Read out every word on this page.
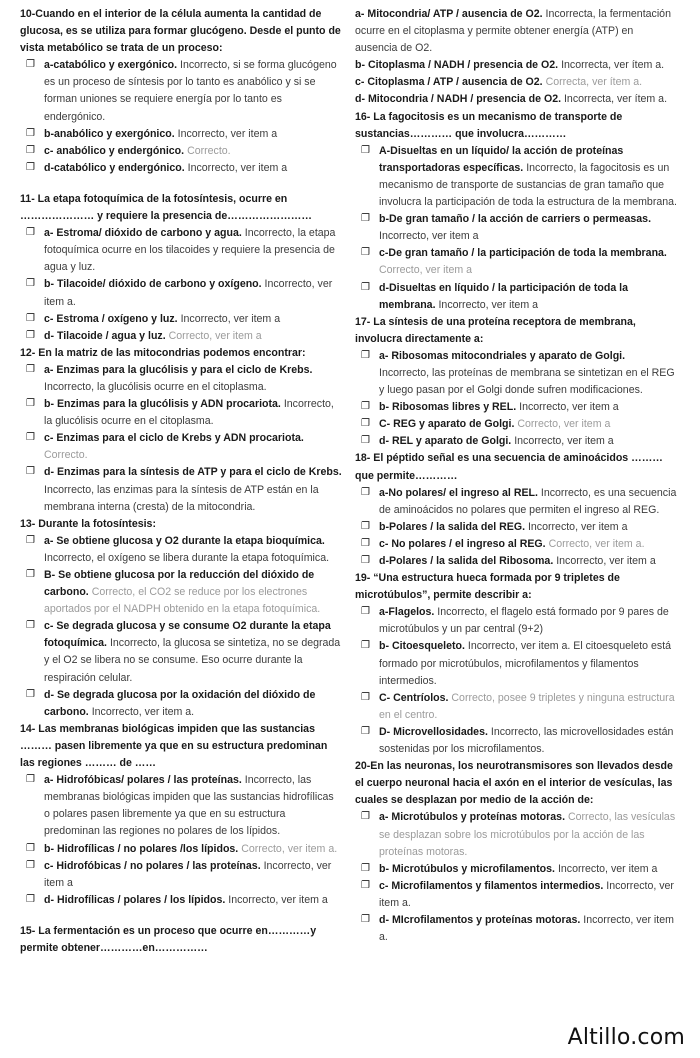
10-Cuando en el interior de la célula aumenta la cantidad de glucosa, es se utiliza para formar glucógeno. Desde el punto de vista metabólico se trata de un proceso:

❐ a-catabólico y exergónico. Incorrecto, si se forma glucógeno es un proceso de síntesis por lo tanto es anabólico y si se forman uniones se requiere energía por lo tanto es endergónico.
❐ b-anabólico y exergónico. Incorrecto, ver item a
❐ c- anabólico y endergónico. Correcto.
❐ d-catabólico y endergónico. Incorrecto, ver item a

11- La etapa fotoquímica de la fotosíntesis, ocurre en ………………… y requiere la presencia de……………………

❐ a- Estroma/ dióxido de carbono y agua. Incorrecto, la etapa fotoquímica ocurre en los tilacoides y requiere la presencia de agua y luz.
❐ b- Tilacoide/ dióxido de carbono y oxígeno. Incorrecto, ver item a.
❐ c- Estroma / oxígeno y luz. Incorrecto, ver item a
❐ d- Tilacoide / agua y luz. Correcto, ver item a

12- En la matriz de las mitocondrias podemos encontrar:

❐ a- Enzimas para la glucólisis y para el ciclo de Krebs. Incorrecto, la glucólisis ocurre en el citoplasma.
❐ b- Enzimas para la glucólisis y ADN procariota. Incorrecto, la glucólisis ocurre en el citoplasma.
❐ c- Enzimas para el ciclo de Krebs y ADN procariota. Correcto.
❐ d- Enzimas para la síntesis de ATP y para el ciclo de Krebs. Incorrecto, las enzimas para la síntesis de ATP están en la membrana interna (cresta) de la mitocondria.

13- Durante la fotosíntesis:

❐ a- Se obtiene glucosa y O2 durante la etapa bioquímica. Incorrecto, el oxígeno se libera durante la etapa fotoquímica.
❐ B- Se obtiene glucosa por la reducción del dióxido de carbono. Correcto, el CO2 se reduce por los electrones aportados por el NADPH obtenido en la etapa fotoquímica.
❐ c- Se degrada glucosa y se consume O2 durante la etapa fotoquímica. Incorrecto, la glucosa se sintetiza, no se degrada y el O2 se libera no se consume. Eso ocurre durante la respiración celular.
❐ d- Se degrada glucosa por la oxidación del dióxido de carbono. Incorrecto, ver item a.

14- Las membranas biológicas impiden que las sustancias ……… pasen libremente ya que en su estructura predominan las regiones ……… de ……

❐ a- Hidrofóbicas/ polares / las proteínas. Incorrecto, las membranas biológicas impiden que las sustancias hidrofílicas o polares pasen libremente ya que en su estructura predominan las regiones no polares de los lípidos.
❐ b- Hidrofílicas / no polares /los lípidos. Correcto, ver item a.
❐ c- Hidrofóbicas / no polares / las proteínas. Incorrecto, ver item a
❐ d- Hidrofílicas / polares / los lípidos. Incorrecto, ver item a

15- La fermentación es un proceso que ocurre en…………y permite obtener…………en……………

a- Mitocondria/ ATP / ausencia de O2. Incorrecta, la fermentación ocurre en el citoplasma y permite obtener energía (ATP) en ausencia de O2.
b- Citoplasma / NADH / presencia de O2. Incorrecta, ver ítem a.
c- Citoplasma / ATP / ausencia de O2. Correcta, ver ítem a.
d- Mitocondria / NADH / presencia de O2. Incorrecta, ver ítem a.

16- La fagocitosis es un mecanismo de transporte de sustancias………… que involucra…………

❐ A-Disueltas en un líquido/ la acción de proteínas transportadoras específicas. Incorrecto, la fagocitosis es un mecanismo de transporte de sustancias de gran tamaño que involucra la participación de toda la estructura de la membrana.
❐ b-De gran tamaño / la acción de carriers o permeasas. Incorrecto, ver item a
❐ c-De gran tamaño / la participación de toda la membrana. Correcto, ver item a
❐ d-Disueltas en líquido / la participación de toda la membrana. Incorrecto, ver item a

17- La síntesis de una proteína receptora de membrana, involucra directamente a:

❐ a- Ribosomas mitocondriales y aparato de Golgi. Incorrecto, las proteínas de membrana se sintetizan en el REG y luego pasan por el Golgi donde sufren modificaciones.
❐ b- Ribosomas libres y REL. Incorrecto, ver item a
❐ C- REG y aparato de Golgi. Correcto, ver item a
❐ d- REL y aparato de Golgi. Incorrecto, ver item a

18- El péptido señal es una secuencia de aminoácidos ……… que permite…………

❐ a-No polares/ el ingreso al REL. Incorrecto, es una secuencia de aminoácidos no polares que permiten el ingreso al REG.
❐ b-Polares / la salida del REG. Incorrecto, ver item a
❐ c- No polares / el ingreso al REG. Correcto, ver item a.
❐ d-Polares / la salida del Ribosoma. Incorrecto, ver item a

19- “Una estructura hueca formada por 9 tripletes de microtúbulos”, permite describir a:

❐ a-Flagelos. Incorrecto, el flagelo está formado por 9 pares de microtúbulos y un par central (9+2)
❐ b- Citoesqueleto. Incorrecto, ver item a. El citoesqueleto está formado por microtúbulos, microfilamentos y filamentos intermedios.
❐ C- Centríolos. Correcto, posee 9 tripletes y ninguna estructura en el centro.
❐ D- Microvellosidades. Incorrecto, las microvellosidades están sostenidas por los microfilamentos.

20-En las neuronas, los neurotransmisores son llevados desde el cuerpo neuronal hacia el axón en el interior de vesículas, las cuales se desplazan por medio de la acción de:

❐ a- Microtúbulos y proteínas motoras. Correcto, las vesículas se desplazan sobre los microtúbulos por la acción de las proteínas motoras.
❐ b- Microtúbulos y microfilamentos. Incorrecto, ver item a
❐ c- Microfilamentos y filamentos intermedios. Incorrecto, ver item a.
❐ d- MIcrofilamentos y proteínas motoras. Incorrecto, ver item a.
Altillo.com
